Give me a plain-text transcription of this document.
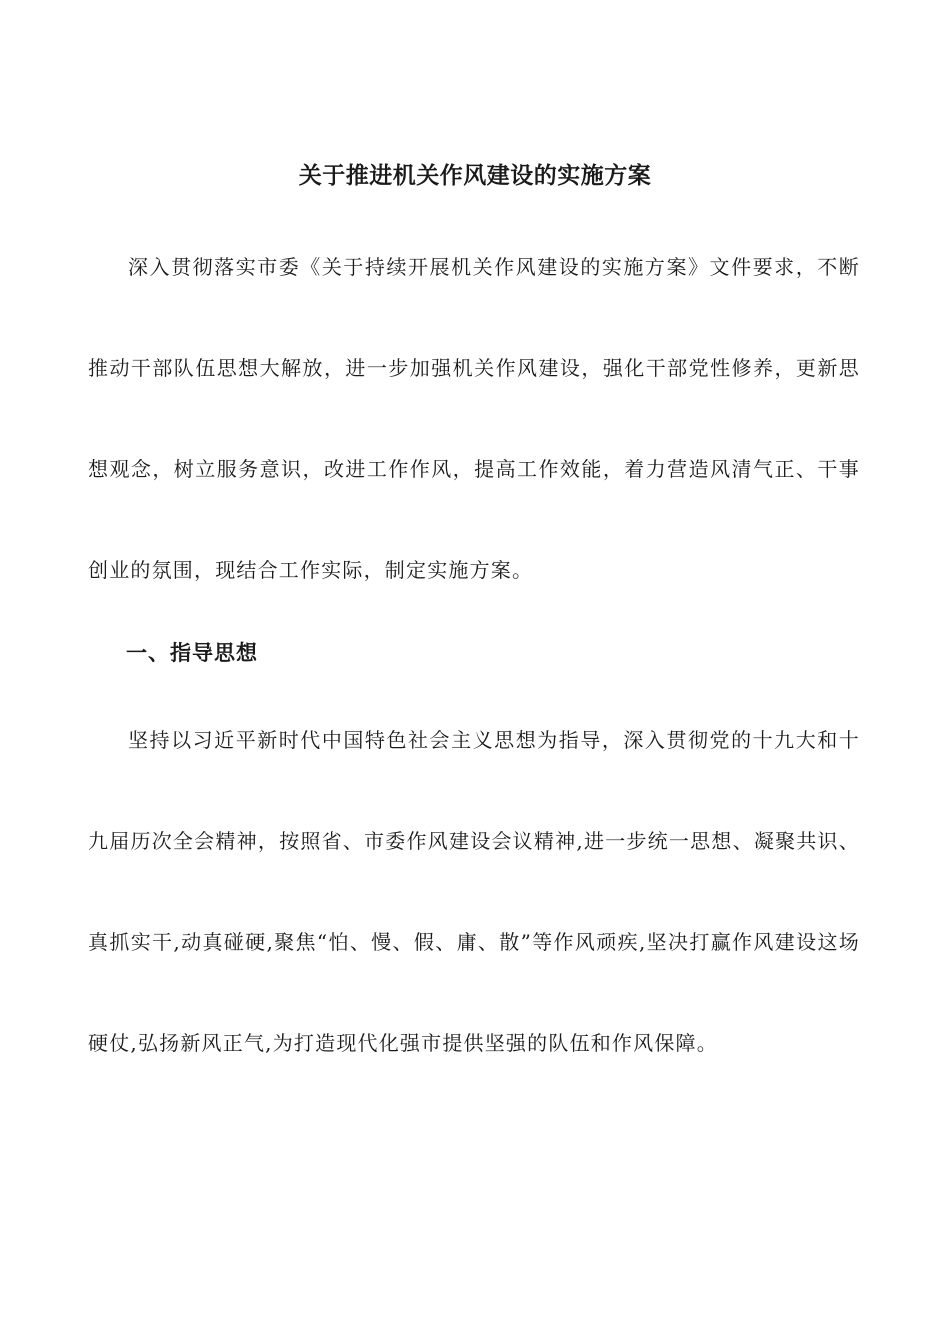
关于推进机关作风建设的实施方案

深入贯彻落实市委《关于持续开展机关作风建设的实施方案》文件要求，不断推动干部队伍思想大解放，进一步加强机关作风建设，强化干部党性修养，更新思想观念，树立服务意识，改进工作作风，提高工作效能，着力营造风清气正、干事创业的氛围，现结合工作实际，制定实施方案。

一、指导思想

坚持以习近平新时代中国特色社会主义思想为指导，深入贯彻党的十九大和十九届历次全会精神，按照省、市委作风建设会议精神,进一步统一思想、凝聚共识、真抓实干,动真碰硬,聚焦“怕、慢、假、庸、散”等作风顽疾,坚决打赢作风建设这场硬仗,弘扬新风正气,为打造现代化强市提供坚强的队伍和作风保障。
